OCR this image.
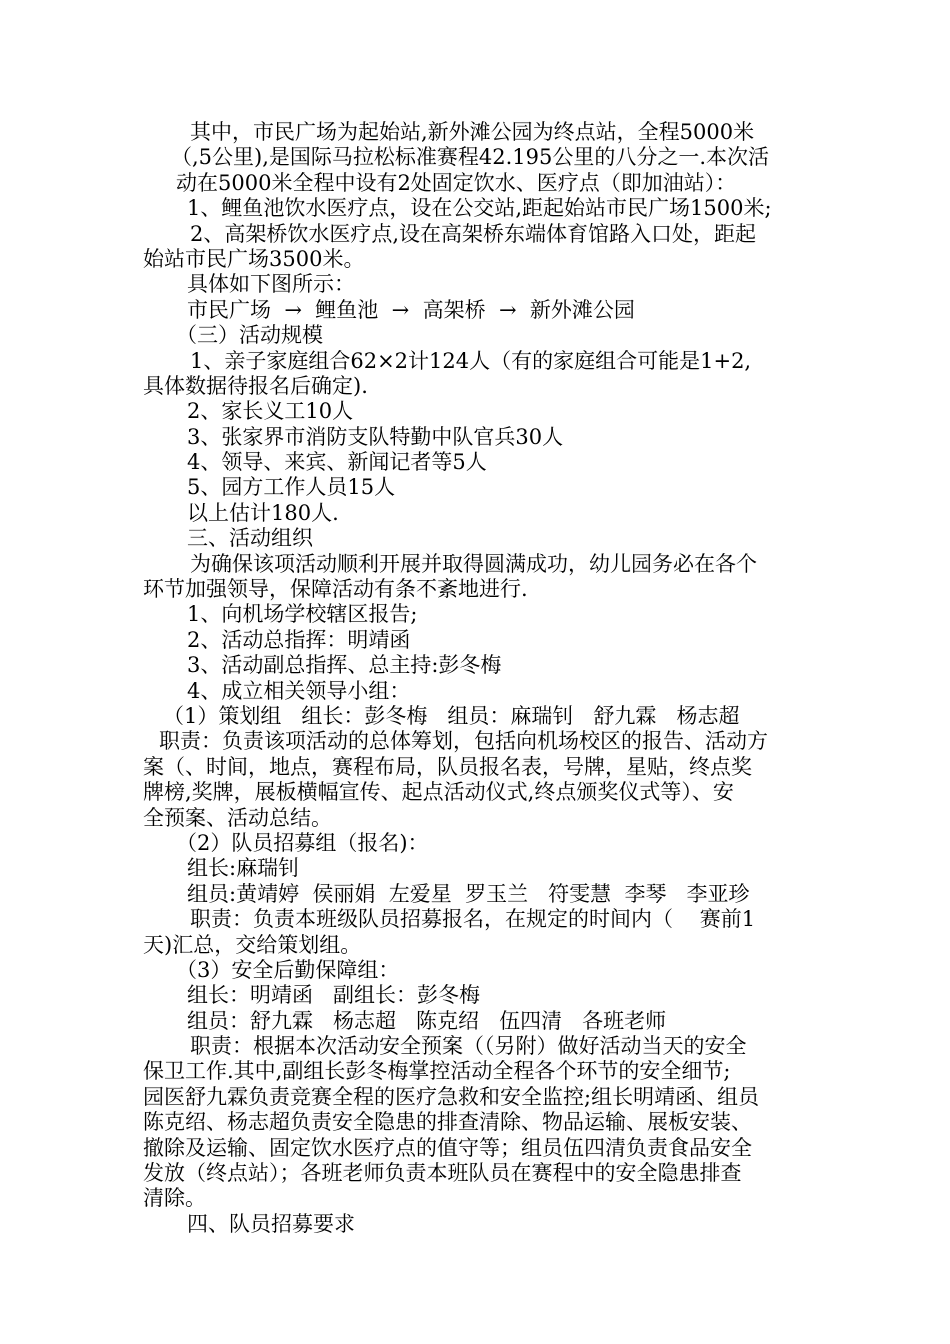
其中，市民广场为起始站,新外滩公园为终点站，全程5000米
（,5公里),是国际马拉松标准赛程42.195公里的八分之一.本次活
动在5000米全程中设有2处固定饮水、医疗点（即加油站）：
1、鲤鱼池饮水医疗点，设在公交站,距起始站市民广场1500米;
2、高架桥饮水医疗点,设在高架桥东端体育馆路入口处，距起
始站市民广场3500米。
具体如下图所示：
市民广场  →  鲤鱼池  →  高架桥  →  新外滩公园
（三）活动规模
1、亲子家庭组合62×2计124人（有的家庭组合可能是1+2,
具体数据待报名后确定).
2、家长义工10人
3、张家界市消防支队特勤中队官兵30人
4、领导、来宾、新闻记者等5人
5、园方工作人员15人
以上估计180人.
三、活动组织
为确保该项活动顺利开展并取得圆满成功，幼儿园务必在各个
环节加强领导，保障活动有条不紊地进行.
1、向机场学校辖区报告;
2、活动总指挥：明靖函
3、活动副总指挥、总主持:彭冬梅
4、成立相关领导小组：
（1）策划组   组长：彭冬梅   组员：麻瑞钊   舒九霖   杨志超
职责：负责该项活动的总体筹划，包括向机场校区的报告、活动方
案（、时间，地点，赛程布局，队员报名表，号牌，星贴，终点奖
牌榜,奖牌，展板横幅宣传、起点活动仪式,终点颁奖仪式等）、安
全预案、活动总结。
（2）队员招募组（报名)：
组长:麻瑞钊
组员:黄靖婷  侯丽娟  左爱星  罗玉兰   符雯慧  李琴   李亚珍
职责：负责本班级队员招募报名，在规定的时间内（    赛前1
天)汇总，交给策划组。
（3）安全后勤保障组：
组长：明靖函   副组长：彭冬梅
组员：舒九霖   杨志超   陈克绍   伍四清   各班老师
职责：根据本次活动安全预案（（另附）做好活动当天的安全
保卫工作.其中,副组长彭冬梅掌控活动全程各个环节的安全细节;
园医舒九霖负责竞赛全程的医疗急救和安全监控;组长明靖函、组员
陈克绍、杨志超负责安全隐患的排查清除、物品运输、展板安装、
撤除及运输、固定饮水医疗点的值守等；组员伍四清负责食品安全
发放（终点站）；各班老师负责本班队员在赛程中的安全隐患排查
清除。
四、队员招募要求
